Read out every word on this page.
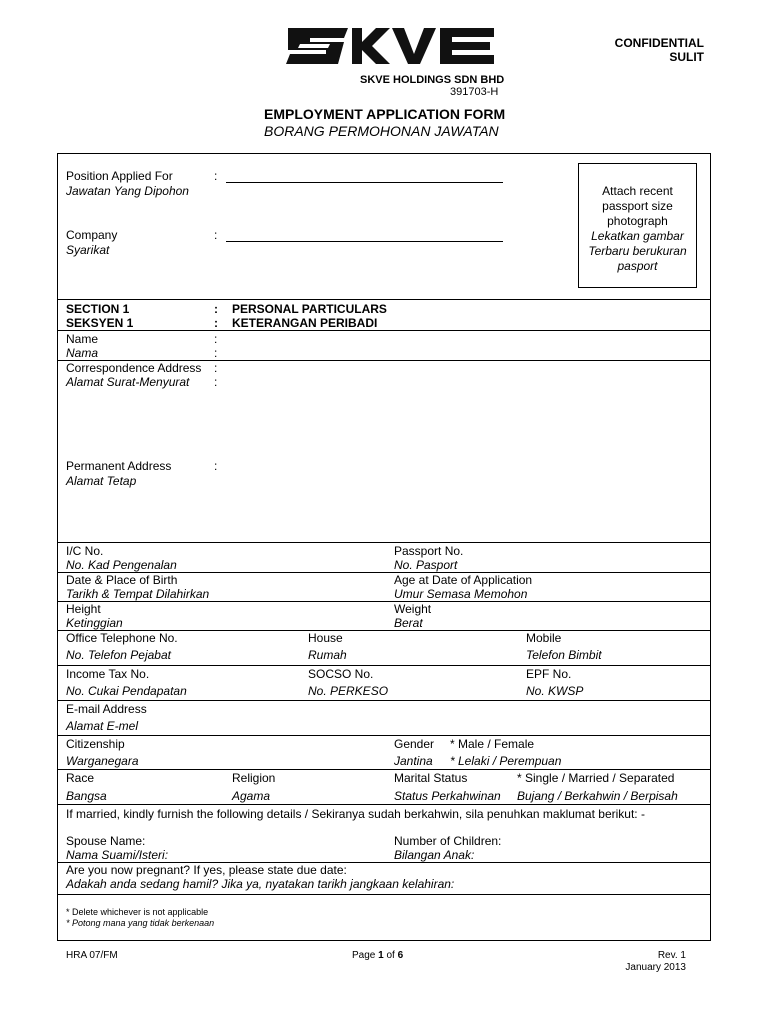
CONFIDENTIAL
SULIT
SKVE HOLDINGS SDN BHD
391703-H
EMPLOYMENT APPLICATION FORM
BORANG PERMOHONAN JAWATAN
Position Applied For
Jawatan Yang Dipohon
:
Company
Syarikat
:
Attach recent
passport size
photograph
Lekatkan gambar
Terbaru berukuran
pasport
SECTION 1
SEKSYEN 1
:
:
PERSONAL PARTICULARS
KETERANGAN PERIBADI
Name
Nama
:
:
Correspondence Address
Alamat Surat-Menyurat
:
:
Permanent Address
Alamat Tetap
:
I/C No.
No. Kad Pengenalan
Passport No.
No. Pasport
Date & Place of Birth
Tarikh & Tempat Dilahirkan
Age at Date of Application
Umur Semasa Memohon
Height
Ketinggian
Weight
Berat
Office Telephone No.
No. Telefon Pejabat
House
Rumah
Mobile
Telefon Bimbit
Income Tax No.
No. Cukai Pendapatan
SOCSO No.
No. PERKESO
EPF No.
No. KWSP
E-mail Address
Alamat E-mel
Citizenship
Warganegara
Gender
Jantina
* Male / Female
* Lelaki / Perempuan
Race
Bangsa
Religion
Agama
Marital Status
Status Perkahwinan
* Single / Married / Separated
Bujang / Berkahwin / Berpisah
If married, kindly furnish the following details / Sekiranya sudah berkahwin, sila penuhkan maklumat berikut: -
Spouse Name:
Nama Suami/Isteri:
Number of Children:
Bilangan Anak:
Are you now pregnant? If yes, please state due date:
Adakah anda sedang hamil? Jika ya, nyatakan tarikh jangkaan kelahiran:
* Delete whichever is not applicable
* Potong mana yang tidak berkenaan
HRA 07/FM	Page 1 of 6	Rev. 1
January 2013
